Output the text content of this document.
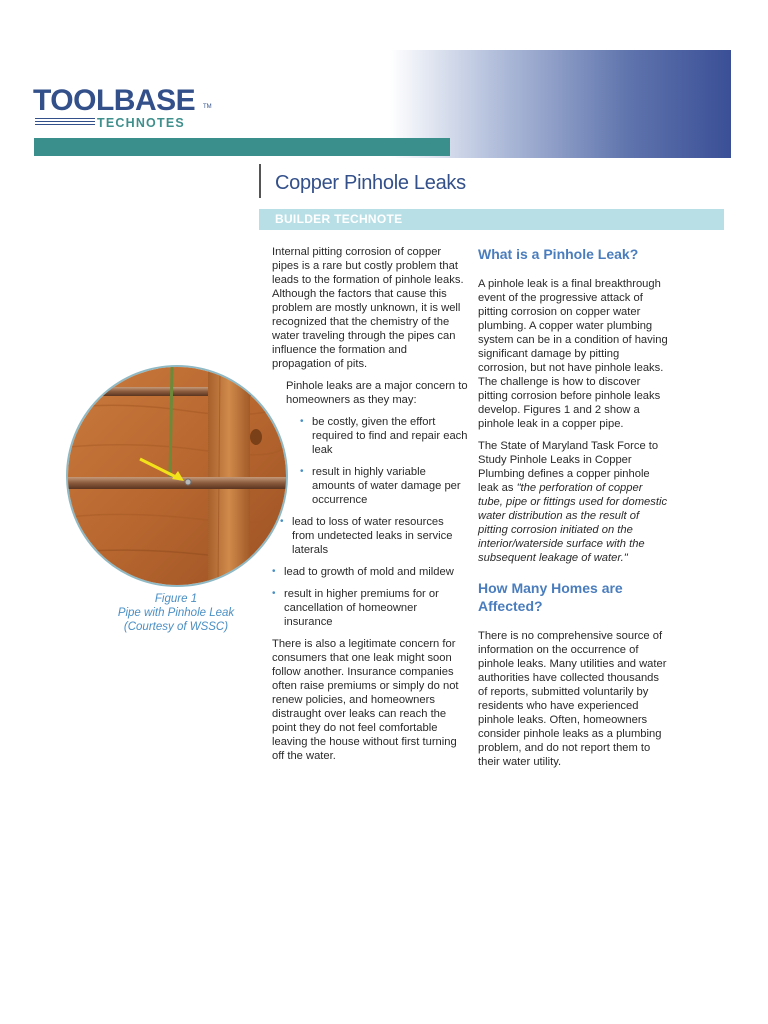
TOOLBASE TM
TECHNOTES
Copper Pinhole Leaks
BUILDER TECHNOTE
Figure 1
Pipe with Pinhole Leak
(Courtesy of WSSC)

Internal pitting corrosion of copper pipes is a rare but costly problem that leads to the formation of pinhole leaks. Although the factors that cause this problem are mostly unknown, it is well recognized that the chemistry of the water traveling through the pipes can influence the formation and propagation of pits.

Pinhole leaks are a major concern to homeowners as they may:

• be costly, given the effort required to find and repair each leak
• result in highly variable amounts of water damage per occurrence
• lead to loss of water resources from undetected leaks in service laterals
• lead to growth of mold and mildew
• result in higher premiums for or cancellation of homeowner insurance

There is also a legitimate concern for consumers that one leak might soon follow another. Insurance companies often raise premiums or simply do not renew policies, and homeowners distraught over leaks can reach the point they do not feel comfortable leaving the house without first turning off the water.

What is a Pinhole Leak?

A pinhole leak is a final breakthrough event of the progressive attack of pitting corrosion on copper water plumbing. A copper water plumbing system can be in a condition of having significant damage by pitting corrosion, but not have pinhole leaks. The challenge is how to discover pitting corrosion before pinhole leaks develop. Figures 1 and 2 show a pinhole leak in a copper pipe.

The State of Maryland Task Force to Study Pinhole Leaks in Copper Plumbing defines a copper pinhole leak as "the perforation of copper tube, pipe or fittings used for domestic water distribution as the result of pitting corrosion initiated on the interior/waterside surface with the subsequent leakage of water."

How Many Homes are Affected?

There is no comprehensive source of information on the occurrence of pinhole leaks. Many utilities and water authorities have collected thousands of reports, submitted voluntarily by residents who have experienced pinhole leaks. Often, homeowners consider pinhole leaks as a plumbing problem, and do not report them to their water utility.
